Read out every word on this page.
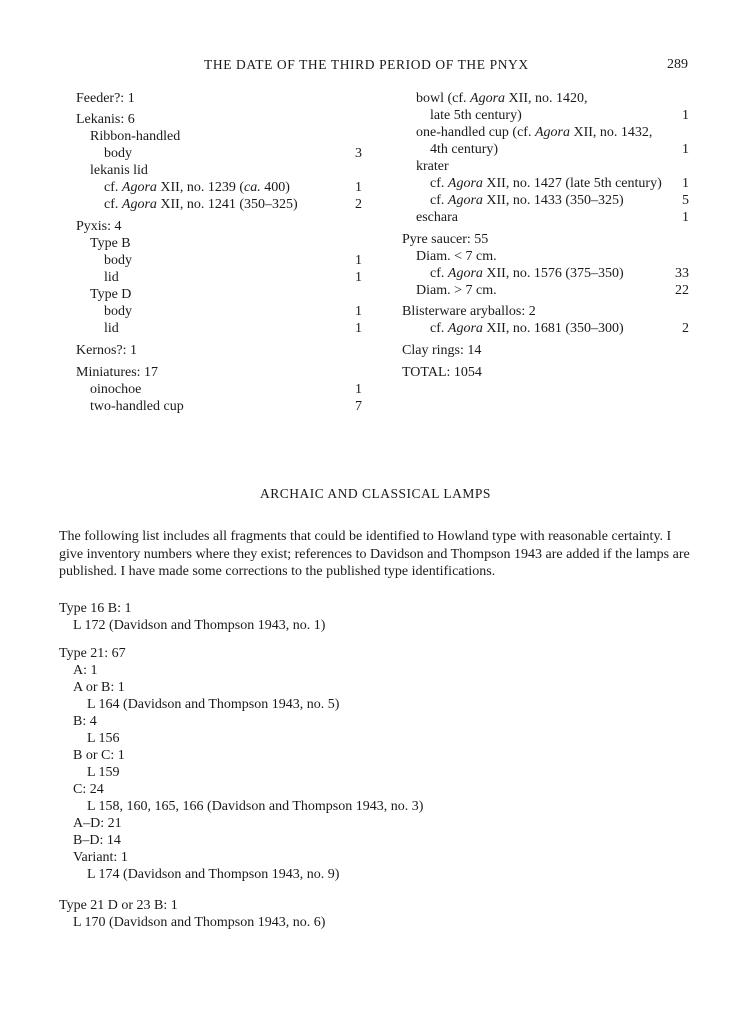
THE DATE OF THE THIRD PERIOD OF THE PNYX	289
Feeder?: 1
Lekanis: 6
Ribbon-handled
body	3
lekanis lid
cf. Agora XII, no. 1239 (ca. 400)	1
cf. Agora XII, no. 1241 (350–325)	2
Pyxis: 4
Type B
body	1
lid	1
Type D
body	1
lid	1
Kernos?: 1
Miniatures: 17
oinochoe	1
two-handled cup	7
bowl (cf. Agora XII, no. 1420,
late 5th century)	1
one-handled cup (cf. Agora XII, no. 1432,
4th century)	1
krater
cf. Agora XII, no. 1427 (late 5th century)	1
cf. Agora XII, no. 1433 (350–325)	5
eschara	1
Pyre saucer: 55
Diam. < 7 cm.
cf. Agora XII, no. 1576 (375–350)	33
Diam. > 7 cm.	22
Blisterware aryballos: 2
cf. Agora XII, no. 1681 (350–300)	2
Clay rings: 14
TOTAL: 1054
ARCHAIC AND CLASSICAL LAMPS
The following list includes all fragments that could be identified to Howland type with reasonable certainty. I give inventory numbers where they exist; references to Davidson and Thompson 1943 are added if the lamps are published. I have made some corrections to the published type identifications.
Type 16 B: 1
L 172 (Davidson and Thompson 1943, no. 1)
Type 21: 67
A: 1
A or B: 1
L 164 (Davidson and Thompson 1943, no. 5)
B: 4
L 156
B or C: 1
L 159
C: 24
L 158, 160, 165, 166 (Davidson and Thompson 1943, no. 3)
A–D: 21
B–D: 14
Variant: 1
L 174 (Davidson and Thompson 1943, no. 9)
Type 21 D or 23 B: 1
L 170 (Davidson and Thompson 1943, no. 6)
